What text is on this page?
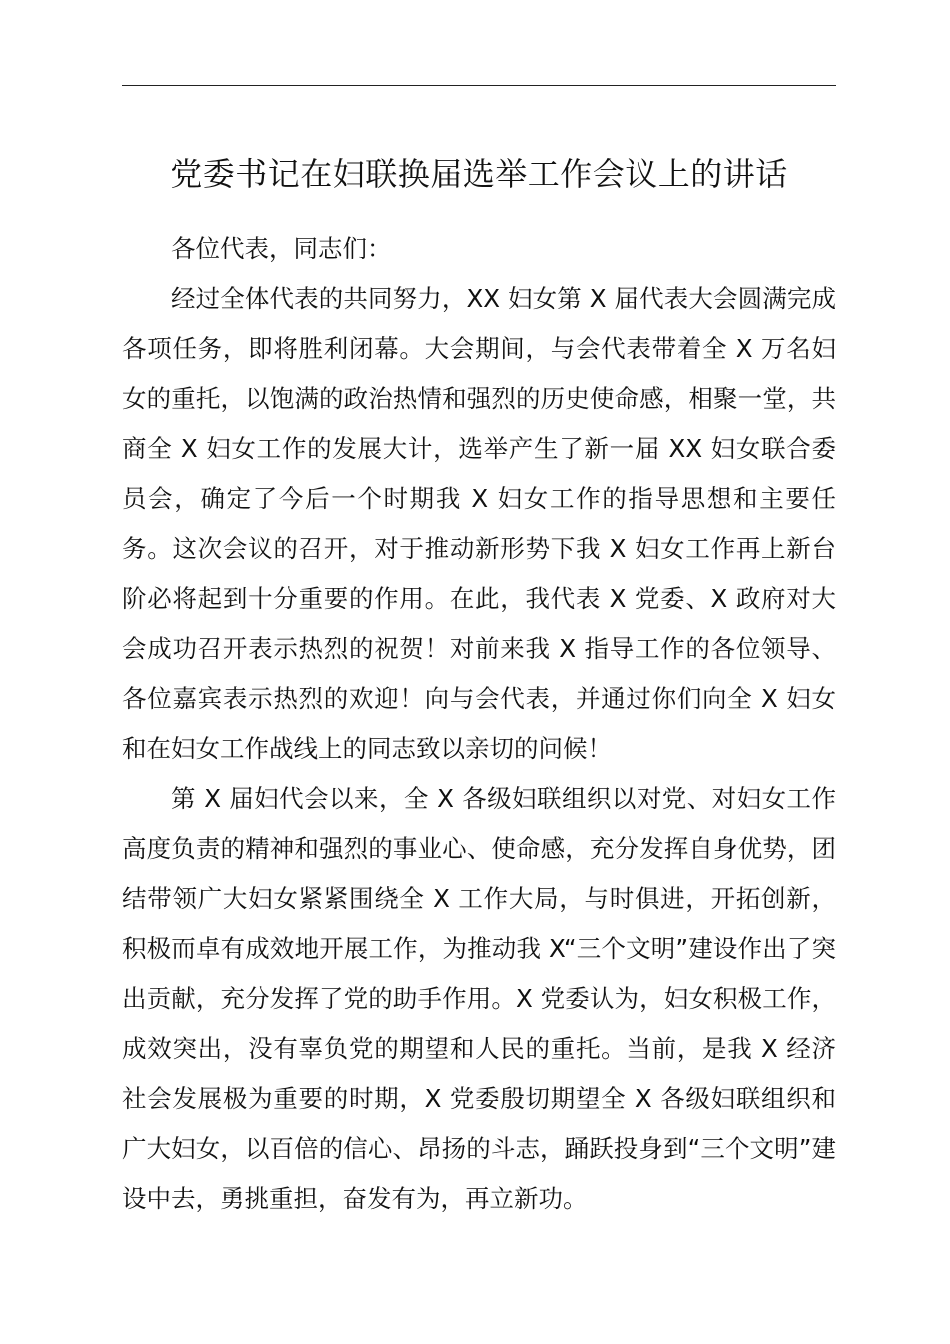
党委书记在妇联换届选举工作会议上的讲话

各位代表，同志们：

经过全体代表的共同努力，XX 妇女第 X 届代表大会圆满完成各项任务，即将胜利闭幕。大会期间，与会代表带着全 X 万名妇女的重托，以饱满的政治热情和强烈的历史使命感，相聚一堂，共商全 X 妇女工作的发展大计，选举产生了新一届 XX 妇女联合委员会，确定了今后一个时期我 X 妇女工作的指导思想和主要任务。这次会议的召开，对于推动新形势下我 X 妇女工作再上新台阶必将起到十分重要的作用。在此，我代表 X 党委、X 政府对大会成功召开表示热烈的祝贺！对前来我 X 指导工作的各位领导、各位嘉宾表示热烈的欢迎！向与会代表，并通过你们向全 X 妇女和在妇女工作战线上的同志致以亲切的问候！

第 X 届妇代会以来，全 X 各级妇联组织以对党、对妇女工作高度负责的精神和强烈的事业心、使命感，充分发挥自身优势，团结带领广大妇女紧紧围绕全 X 工作大局，与时俱进，开拓创新，积极而卓有成效地开展工作，为推动我 X“三个文明”建设作出了突出贡献，充分发挥了党的助手作用。X 党委认为，妇女积极工作，成效突出，没有辜负党的期望和人民的重托。当前，是我 X 经济社会发展极为重要的时期，X 党委殷切期望全 X 各级妇联组织和广大妇女，以百倍的信心、昂扬的斗志，踊跃投身到“三个文明”建设中去，勇挑重担，奋发有为，再立新功。
